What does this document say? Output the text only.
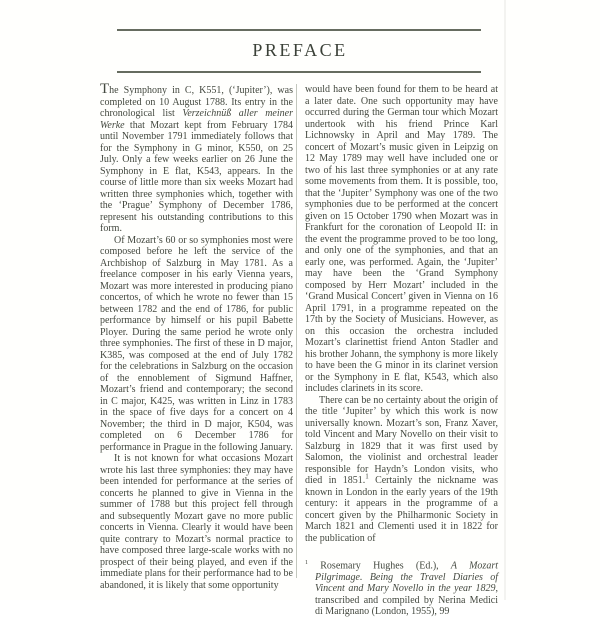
PREFACE

The Symphony in C, K551, (‘Jupiter’), was completed on 10 August 1788. Its entry in the chronological list Verzeichnüß aller meiner Werke that Mozart kept from February 1784 until November 1791 immediately follows that for the Symphony in G minor, K550, on 25 July. Only a few weeks earlier on 26 June the Symphony in E flat, K543, appears. In the course of little more than six weeks Mozart had written three symphonies which, together with the ‘Prague’ Symphony of December 1786, represent his outstanding contributions to this form.

Of Mozart’s 60 or so symphonies most were composed before he left the service of the Archbishop of Salzburg in May 1781. As a freelance composer in his early Vienna years, Mozart was more interested in producing piano concertos, of which he wrote no fewer than 15 between 1782 and the end of 1786, for public performance by himself or his pupil Babette Ployer. During the same period he wrote only three symphonies. The first of these in D major, K385, was composed at the end of July 1782 for the celebrations in Salzburg on the occasion of the ennoblement of Sigmund Haffner, Mozart’s friend and contemporary; the second in C major, K425, was written in Linz in 1783 in the space of five days for a concert on 4 November; the third in D major, K504, was completed on 6 December 1786 for performance in Prague in the following January.

It is not known for what occasions Mozart wrote his last three symphonies: they may have been intended for performance at the series of concerts he planned to give in Vienna in the summer of 1788 but this project fell through and subsequently Mozart gave no more public concerts in Vienna. Clearly it would have been quite contrary to Mozart’s normal practice to have composed three large-scale works with no prospect of their being played, and even if the immediate plans for their performance had to be abandoned, it is likely that some opportunity

would have been found for them to be heard at a later date. One such opportunity may have occurred during the German tour which Mozart undertook with his friend Prince Karl Lichnowsky in April and May 1789. The concert of Mozart’s music given in Leipzig on 12 May 1789 may well have included one or two of his last three symphonies or at any rate some movements from them. It is possible, too, that the ‘Jupiter’ Symphony was one of the two symphonies due to be performed at the concert given on 15 October 1790 when Mozart was in Frankfurt for the coronation of Leopold II: in the event the programme proved to be too long, and only one of the symphonies, and that an early one, was performed. Again, the ‘Jupiter’ may have been the ‘Grand Symphony composed by Herr Mozart’ included in the ‘Grand Musical Concert’ given in Vienna on 16 April 1791, in a programme repeated on the 17th by the Society of Musicians. However, as on this occasion the orchestra included Mozart’s clarinettist friend Anton Stadler and his brother Johann, the symphony is more likely to have been the G minor in its clarinet version or the Symphony in E flat, K543, which also includes clarinets in its score.

There can be no certainty about the origin of the title ‘Jupiter’ by which this work is now universally known. Mozart’s son, Franz Xaver, told Vincent and Mary Novello on their visit to Salzburg in 1829 that it was first used by Salomon, the violinist and orchestral leader responsible for Haydn’s London visits, who died in 1851.$^1$ Certainly the nickname was known in London in the early years of the 19th century: it appears in the programme of a concert given by the Philharmonic Society in March 1821 and Clementi used it in 1822 for the publication of

$^1$ Rosemary Hughes (Ed.), A Mozart Pilgrimage. Being the Travel Diaries of Vincent and Mary Novello in the year 1829, transcribed and compiled by Nerina Medici di Marignano (London, 1955), 99
